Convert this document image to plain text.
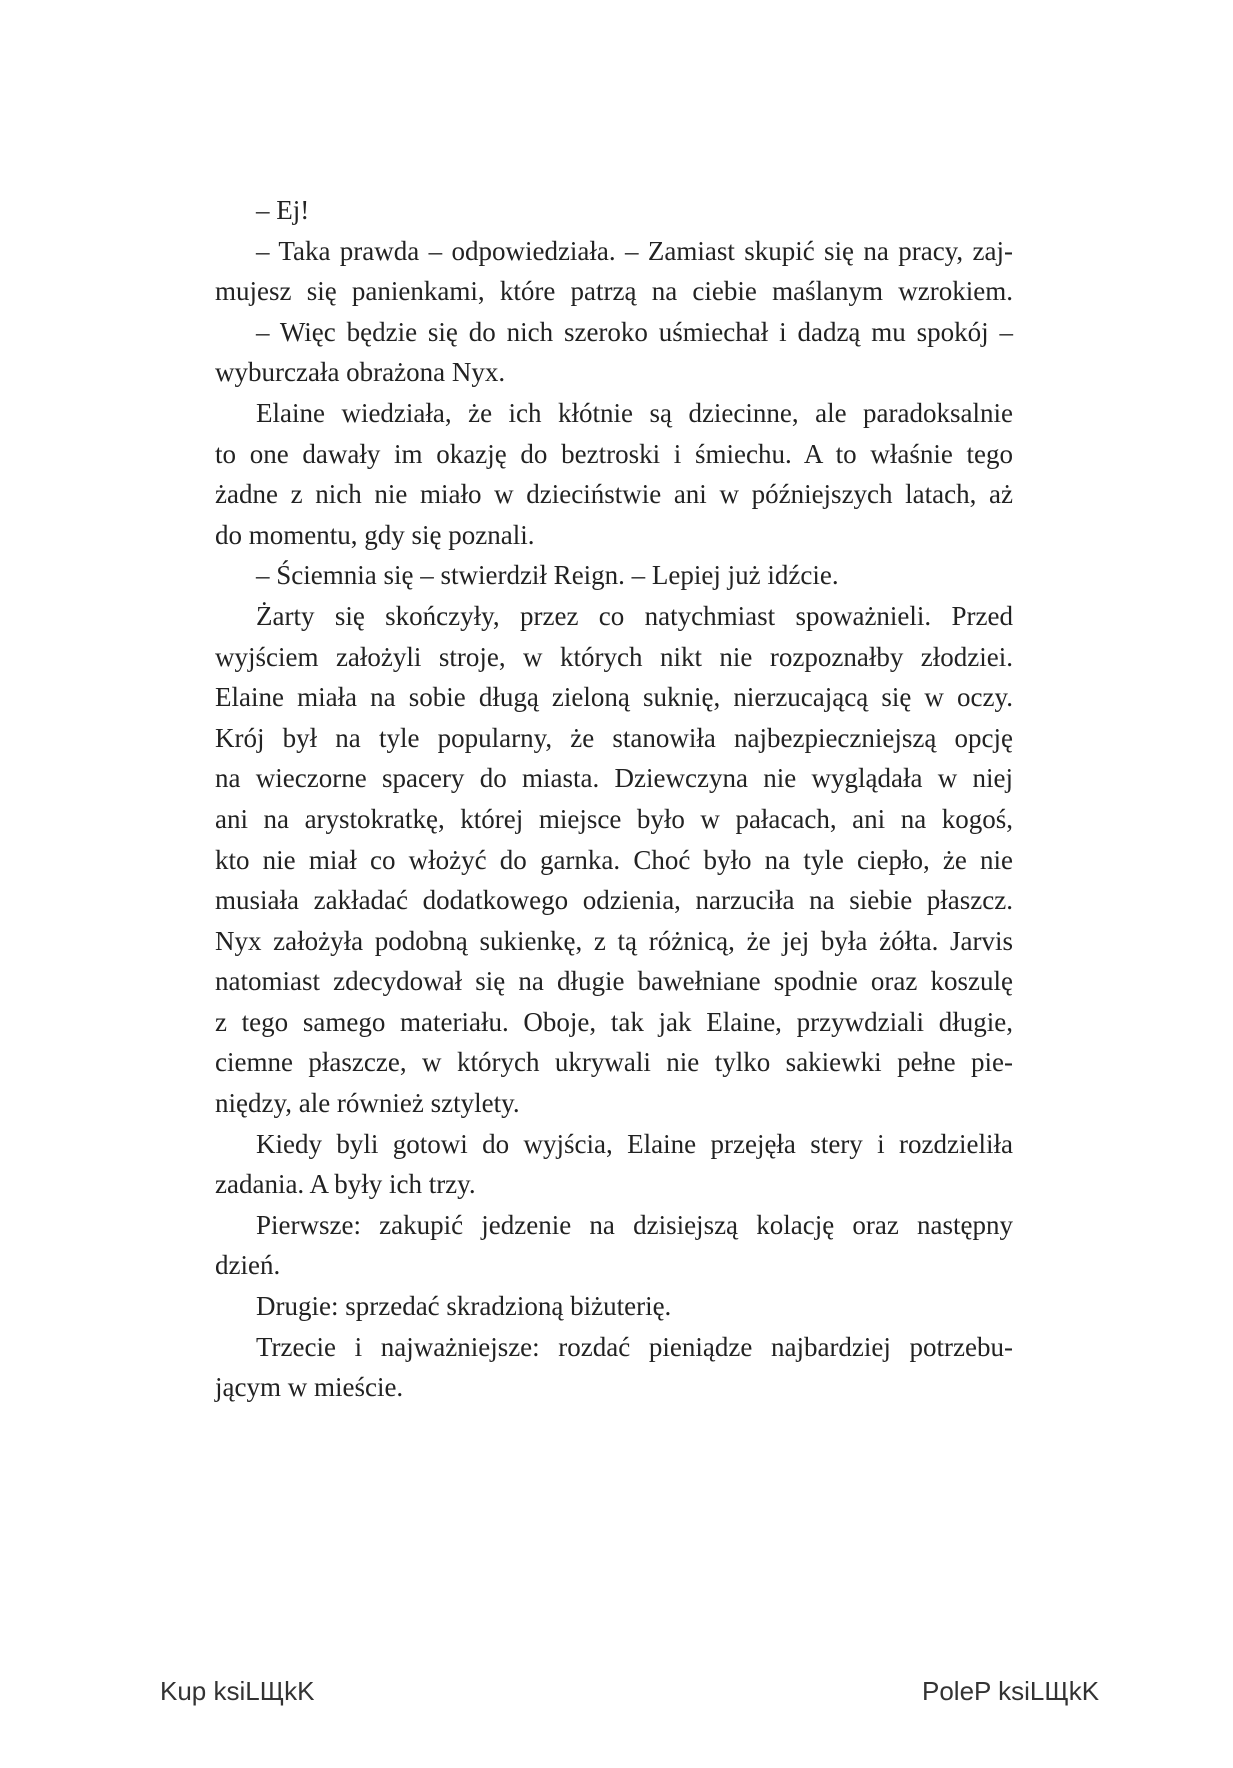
– Ej!
– Taka prawda – odpowiedziała. – Zamiast skupić się na pracy, zaj-
mujesz się panienkami, które patrzą na ciebie maślanym wzrokiem.
– Więc będzie się do nich szeroko uśmiechał i dadzą mu spokój –
wyburczała obrażona Nyx.
Elaine wiedziała, że ich kłótnie są dziecinne, ale paradoksalnie
to one dawały im okazję do beztroski i śmiechu. A to właśnie tego
żadne z nich nie miało w dzieciństwie ani w późniejszych latach, aż
do momentu, gdy się poznali.
– Ściemnia się – stwierdził Reign. – Lepiej już idźcie.
Żarty się skończyły, przez co natychmiast spoważnieli. Przed
wyjściem założyli stroje, w których nikt nie rozpoznałby złodziei.
Elaine miała na sobie długą zieloną suknię, nierzucającą się w oczy.
Krój był na tyle popularny, że stanowiła najbezpieczniejszą opcję
na wieczorne spacery do miasta. Dziewczyna nie wyglądała w niej
ani na arystokratkę, której miejsce było w pałacach, ani na kogoś,
kto nie miał co włożyć do garnka. Choć było na tyle ciepło, że nie
musiała zakładać dodatkowego odzienia, narzuciła na siebie płaszcz.
Nyx założyła podobną sukienkę, z tą różnicą, że jej była żółta. Jarvis
natomiast zdecydował się na długie bawełniane spodnie oraz koszulę
z tego samego materiału. Oboje, tak jak Elaine, przywdziali długie,
ciemne płaszcze, w których ukrywali nie tylko sakiewki pełne pie-
niędzy, ale również sztylety.
Kiedy byli gotowi do wyjścia, Elaine przejęła stery i rozdzieliła
zadania. A były ich trzy.
Pierwsze: zakupić jedzenie na dzisiejszą kolację oraz następny
dzień.
Drugie: sprzedać skradzioną biżuterię.
Trzecie i najważniejsze: rozdać pieniądze najbardziej potrzebu-
jącym w mieście.
Kup ksiLЩkK	PoleP ksiLЩkK
